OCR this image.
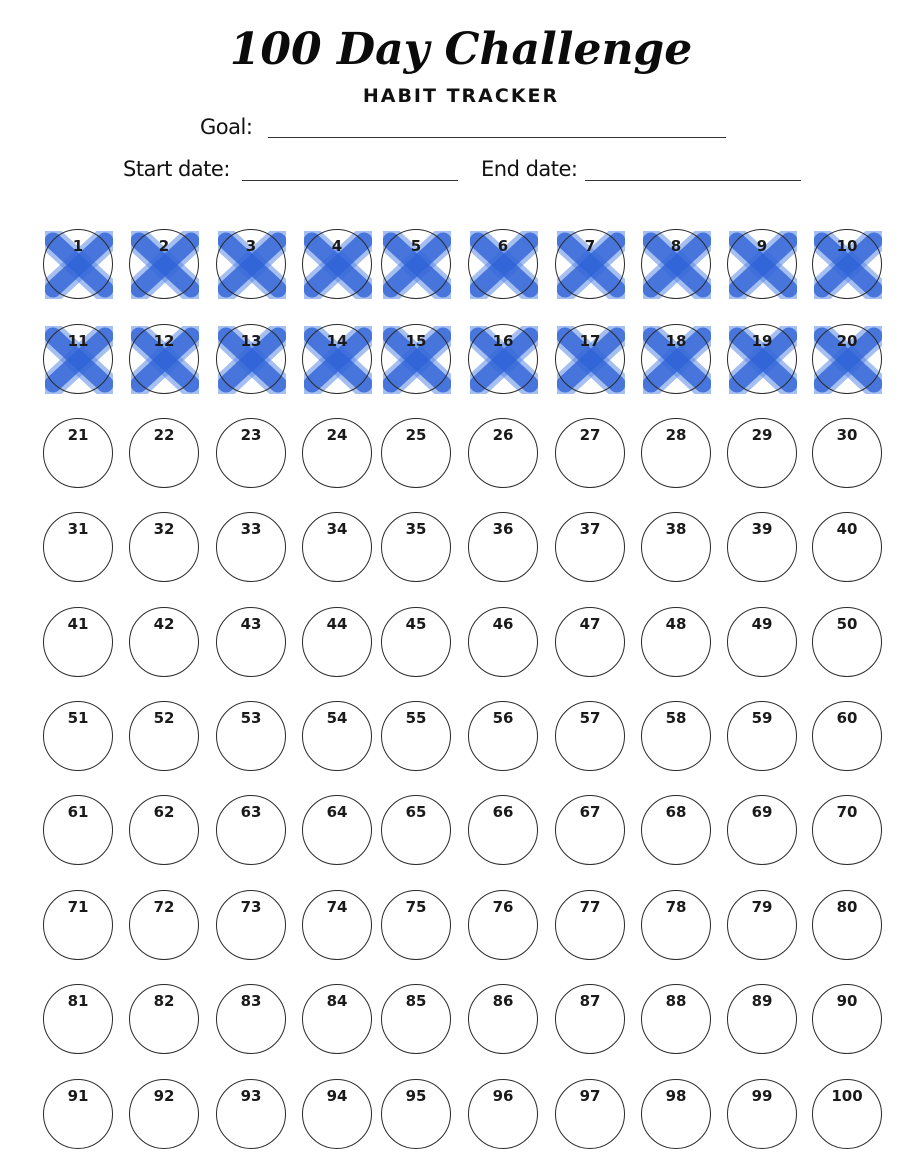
100 Day Challenge
HABIT TRACKER
Goal:
Start date:	End date:
1	2	3	4	5	6	7	8	9	10
11	12	13	14	15	16	17	18	19	20
21	22	23	24	25	26	27	28	29	30
31	32	33	34	35	36	37	38	39	40
41	42	43	44	45	46	47	48	49	50
51	52	53	54	55	56	57	58	59	60
61	62	63	64	65	66	67	68	69	70
71	72	73	74	75	76	77	78	79	80
81	82	83	84	85	86	87	88	89	90
91	92	93	94	95	96	97	98	99	100
